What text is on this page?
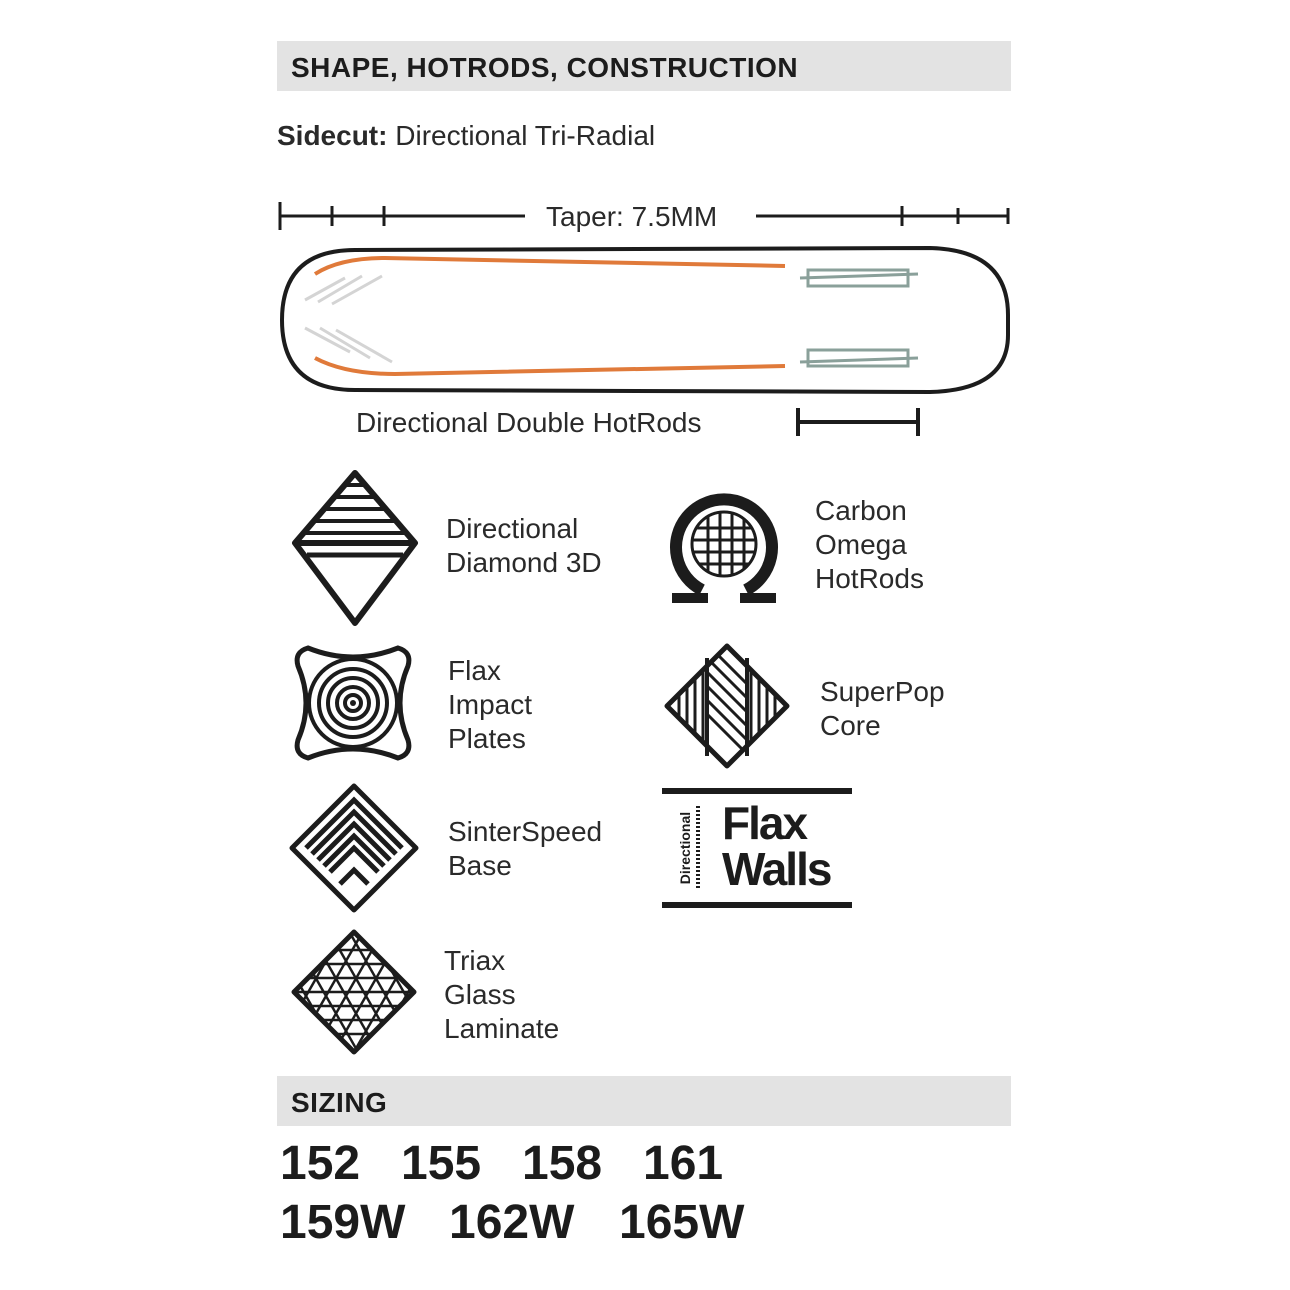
SHAPE, HOTRODS, CONSTRUCTION
Sidecut: Directional Tri-Radial
Taper: 7.5MM
Directional Double HotRods
Directional
Diamond 3D
Carbon
Omega
HotRods
Flax
Impact
Plates
SuperPop
Core
SinterSpeed
Base	Directional Flax
Walls
Triax
Glass
Laminate
SIZING
152 155 158 161
159W 162W 165W
